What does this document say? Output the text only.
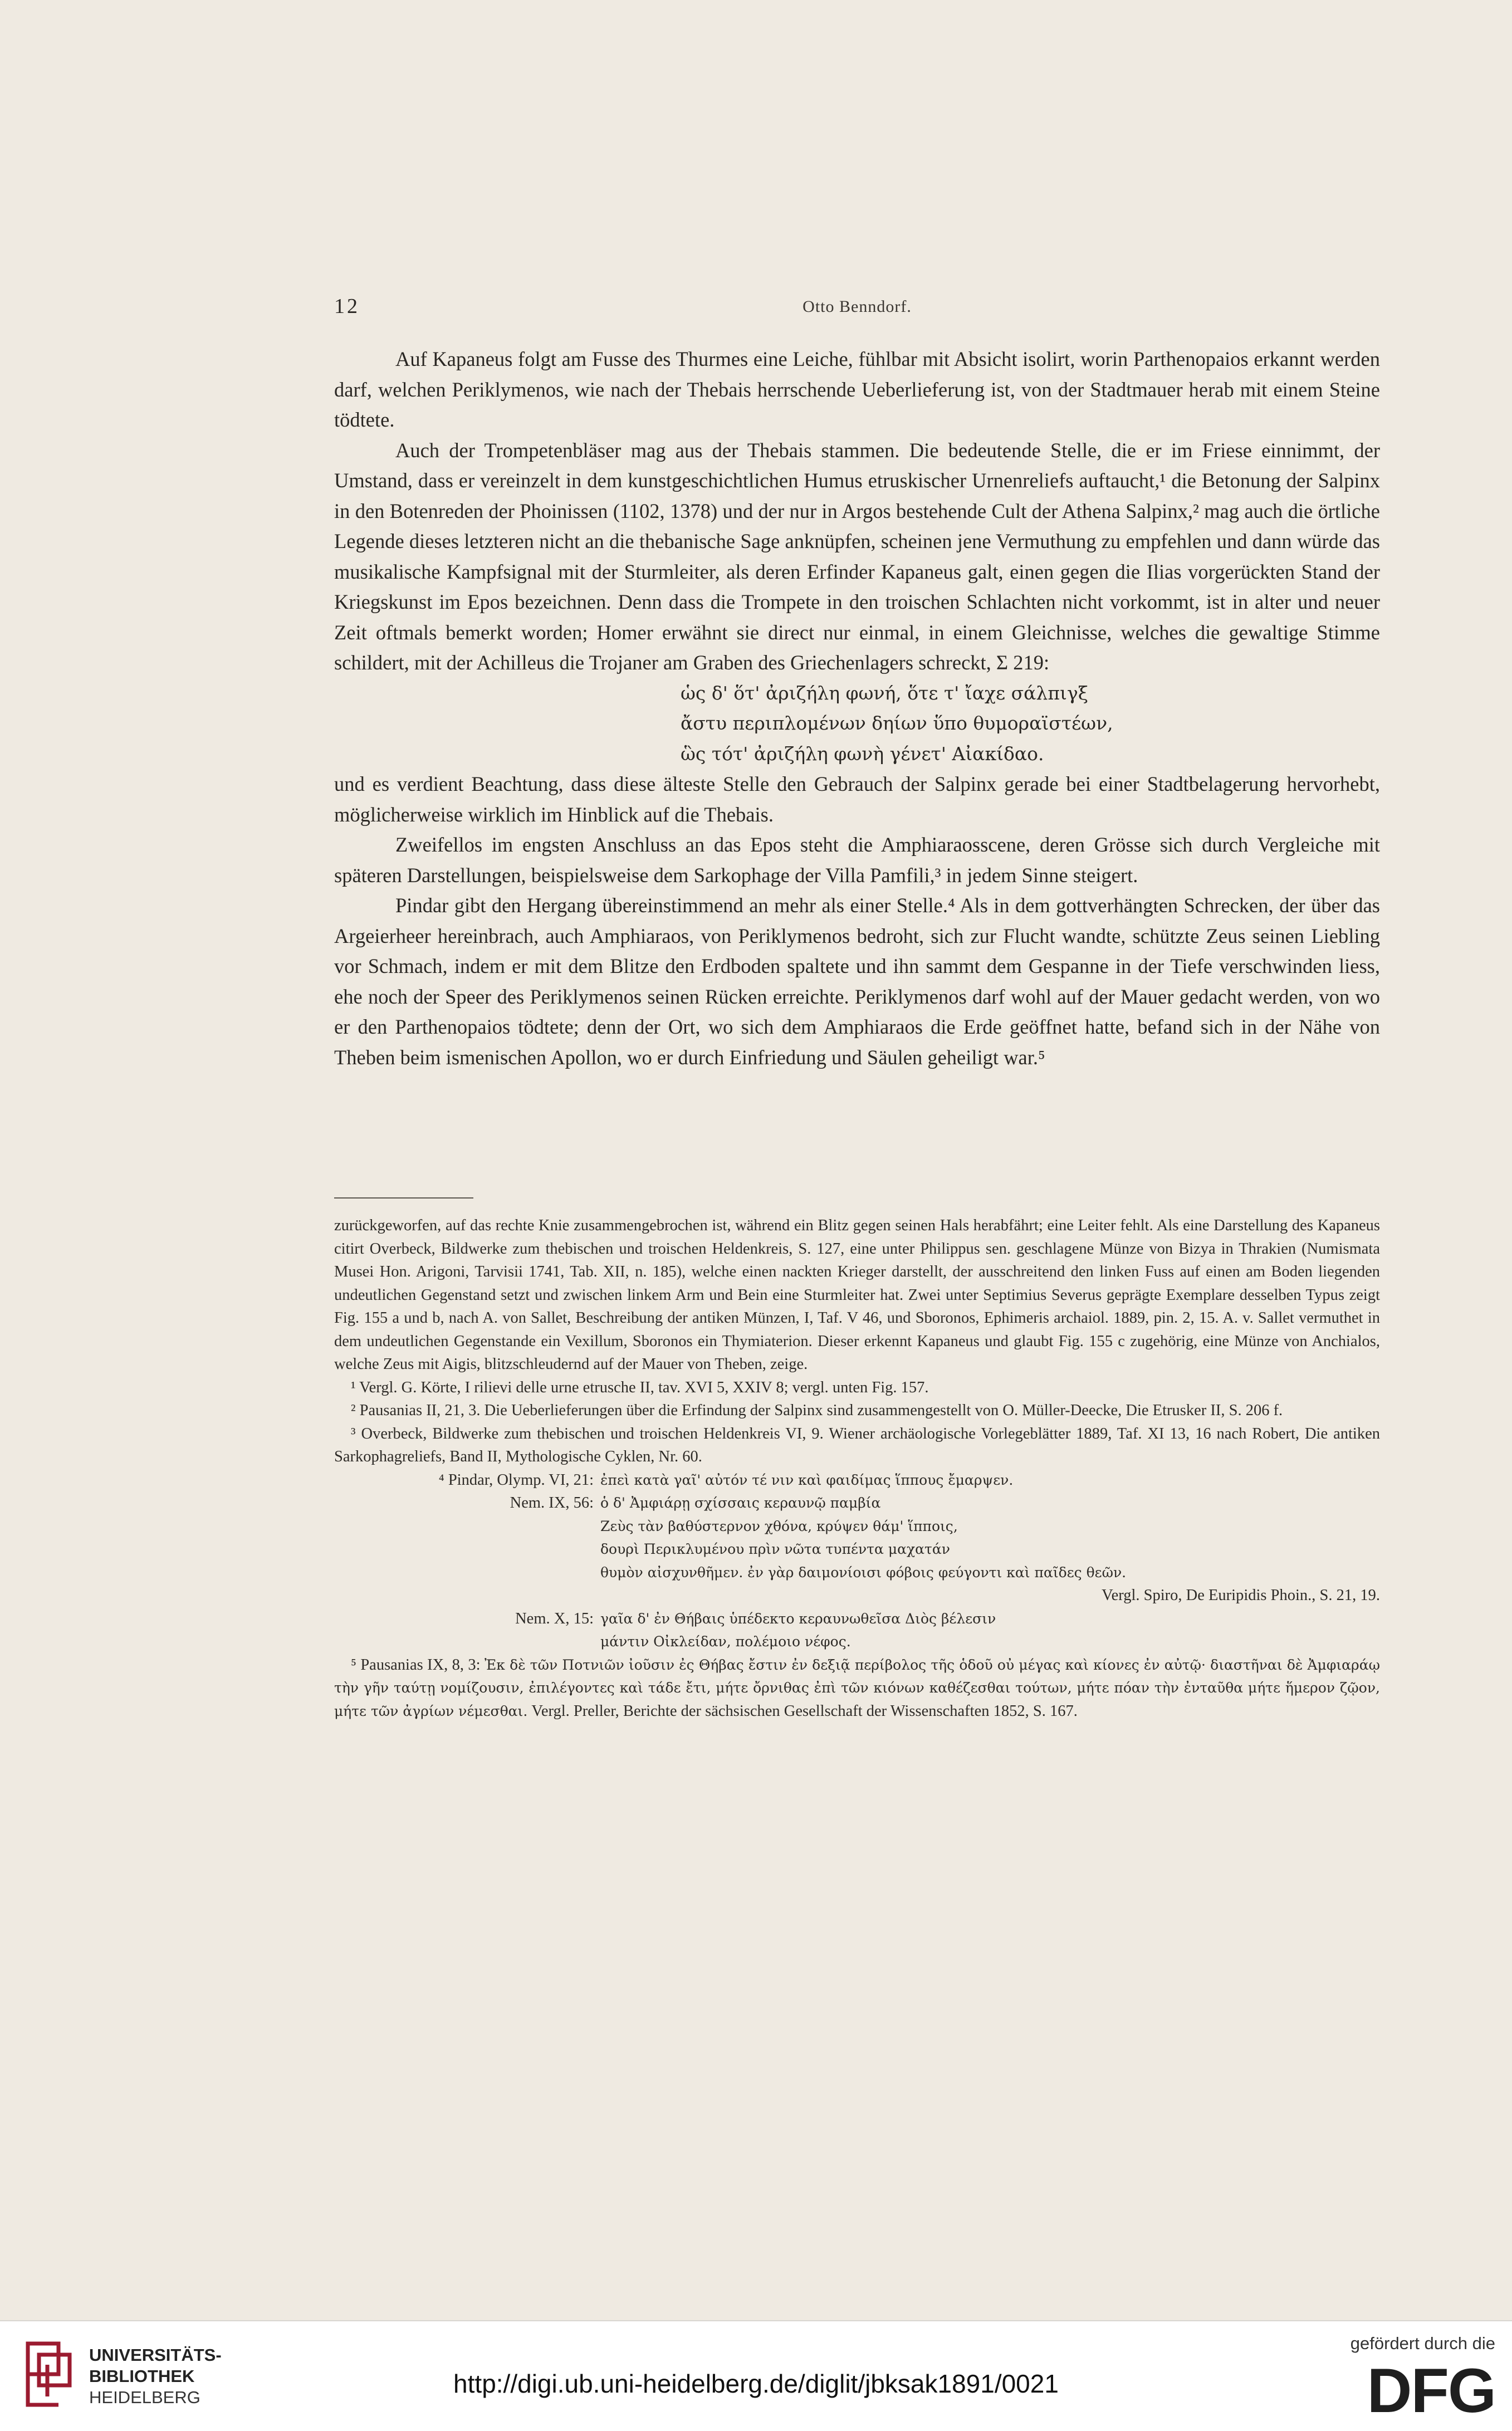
12	Otto Benndorf.

Auf Kapaneus folgt am Fusse des Thurmes eine Leiche, fühlbar mit Absicht isolirt, worin Parthenopaios erkannt werden darf, welchen Periklymenos, wie nach der Thebais herrschende Ueberlieferung ist, von der Stadtmauer herab mit einem Steine tödtete.

Auch der Trompetenbläser mag aus der Thebais stammen. Die bedeutende Stelle, die er im Friese einnimmt, der Umstand, dass er vereinzelt in dem kunstgeschichtlichen Humus etruskischer Urnenreliefs auftaucht,¹ die Betonung der Salpinx in den Botenreden der Phoinissen (1102, 1378) und der nur in Argos bestehende Cult der Athena Salpinx,² mag auch die örtliche Legende dieses letzteren nicht an die thebanische Sage anknüpfen, scheinen jene Vermuthung zu empfehlen und dann würde das musikalische Kampfsignal mit der Sturmleiter, als deren Erfinder Kapaneus galt, einen gegen die Ilias vorgerückten Stand der Kriegskunst im Epos bezeichnen. Denn dass die Trompete in den troischen Schlachten nicht vorkommt, ist in alter und neuer Zeit oftmals bemerkt worden; Homer erwähnt sie direct nur einmal, in einem Gleichnisse, welches die gewaltige Stimme schildert, mit der Achilleus die Trojaner am Graben des Griechenlagers schreckt, Σ 219:

ὡς δ' ὅτ' ἀριζήλη φωνή, ὅτε τ' ἴαχε σάλπιγξ
ἄστυ περιπλομένων δηίων ὕπο θυμοραϊστέων,
ὣς τότ' ἀριζήλη φωνὴ γένετ' Αἰακίδαο.

und es verdient Beachtung, dass diese älteste Stelle den Gebrauch der Salpinx gerade bei einer Stadtbelagerung hervorhebt, möglicherweise wirklich im Hinblick auf die Thebais.

Zweifellos im engsten Anschluss an das Epos steht die Amphiaraosscene, deren Grösse sich durch Vergleiche mit späteren Darstellungen, beispielsweise dem Sarkophage der Villa Pamfili,³ in jedem Sinne steigert.

Pindar gibt den Hergang übereinstimmend an mehr als einer Stelle.⁴ Als in dem gottverhängten Schrecken, der über das Argeierheer hereinbrach, auch Amphiaraos, von Periklymenos bedroht, sich zur Flucht wandte, schützte Zeus seinen Liebling vor Schmach, indem er mit dem Blitze den Erdboden spaltete und ihn sammt dem Gespanne in der Tiefe verschwinden liess, ehe noch der Speer des Periklymenos seinen Rücken erreichte. Periklymenos darf wohl auf der Mauer gedacht werden, von wo er den Parthenopaios tödtete; denn der Ort, wo sich dem Amphiaraos die Erde geöffnet hatte, befand sich in der Nähe von Theben beim ismenischen Apollon, wo er durch Einfriedung und Säulen geheiligt war.⁵

zurückgeworfen, auf das rechte Knie zusammengebrochen ist, während ein Blitz gegen seinen Hals herabfährt; eine Leiter fehlt. Als eine Darstellung des Kapaneus citirt Overbeck, Bildwerke zum thebischen und troischen Heldenkreis, S. 127, eine unter Philippus sen. geschlagene Münze von Bizya in Thrakien (Numismata Musei Hon. Arigoni, Tarvisii 1741, Tab. XII, n. 185), welche einen nackten Krieger darstellt, der ausschreitend den linken Fuss auf einen am Boden liegenden undeutlichen Gegenstand setzt und zwischen linkem Arm und Bein eine Sturmleiter hat. Zwei unter Septimius Severus geprägte Exemplare desselben Typus zeigt Fig. 155 a und b, nach A. von Sallet, Beschreibung der antiken Münzen, I, Taf. V 46, und Sboronos, Ephimeris archaiol. 1889, pin. 2, 15. A. v. Sallet vermuthet in dem undeutlichen Gegenstande ein Vexillum, Sboronos ein Thymiaterion. Dieser erkennt Kapaneus und glaubt Fig. 155 c zugehörig, eine Münze von Anchialos, welche Zeus mit Aigis, blitzschleudernd auf der Mauer von Theben, zeige.

¹ Vergl. G. Körte, I rilievi delle urne etrusche II, tav. XVI 5, XXIV 8; vergl. unten Fig. 157.

² Pausanias II, 21, 3. Die Ueberlieferungen über die Erfindung der Salpinx sind zusammengestellt von O. Müller-Deecke, Die Etrusker II, S. 206 f.

³ Overbeck, Bildwerke zum thebischen und troischen Heldenkreis VI, 9. Wiener archäologische Vorlegeblätter 1889, Taf. XI 13, 16 nach Robert, Die antiken Sarkophagreliefs, Band II, Mythologische Cyklen, Nr. 60.

⁴ Pindar, Olymp. VI, 21: ἐπεὶ κατὰ γαῖ' αὐτόν τέ νιν καὶ φαιδίμας ἵππους ἔμαρψεν.
Nem. IX, 56: ὁ δ' Ἀμφιάρῃ σχίσσαις κεραυνῷ παμβία
Ζεὺς τὰν βαθύστερνον χθόνα, κρύψεν θάμ' ἵπποις,
δουρὶ Περικλυμένου πρὶν νῶτα τυπέντα μαχατάν
θυμὸν αἰσχυνθῆμεν. ἐν γὰρ δαιμονίοισι φόβοις φεύγοντι καὶ παῖδες θεῶν.
Vergl. Spiro, De Euripidis Phoin., S. 21, 19.
Nem. X, 15: γαῖα δ' ἐν Θήβαις ὑπέδεκτο κεραυνωθεῖσα Διὸς βέλεσιν
μάντιν Οἰκλείδαν, πολέμοιο νέφος.

⁵ Pausanias IX, 8, 3: Ἐκ δὲ τῶν Ποτνιῶν ἰοῦσιν ἐς Θήβας ἔστιν ἐν δεξιᾷ περίβολος τῆς ὁδοῦ οὐ μέγας καὶ κίονες ἐν αὐτῷ· διαστῆναι δὲ Ἀμφιαράῳ τὴν γῆν ταύτῃ νομίζουσιν, ἐπιλέγοντες καὶ τάδε ἔτι, μήτε ὄρνιθας ἐπὶ τῶν κιόνων καθέζεσθαι τούτων, μήτε πόαν τὴν ἐνταῦθα μήτε ἥμερον ζῷον, μήτε τῶν ἀγρίων νέμεσθαι. Vergl. Preller, Berichte der sächsischen Gesellschaft der Wissenschaften 1852, S. 167.

UNIVERSITÄTS-
BIBLIOTHEK
HEIDELBERG	http://digi.ub.uni-heidelberg.de/diglit/jbksak1891/0021
gefördert durch die
DFG
